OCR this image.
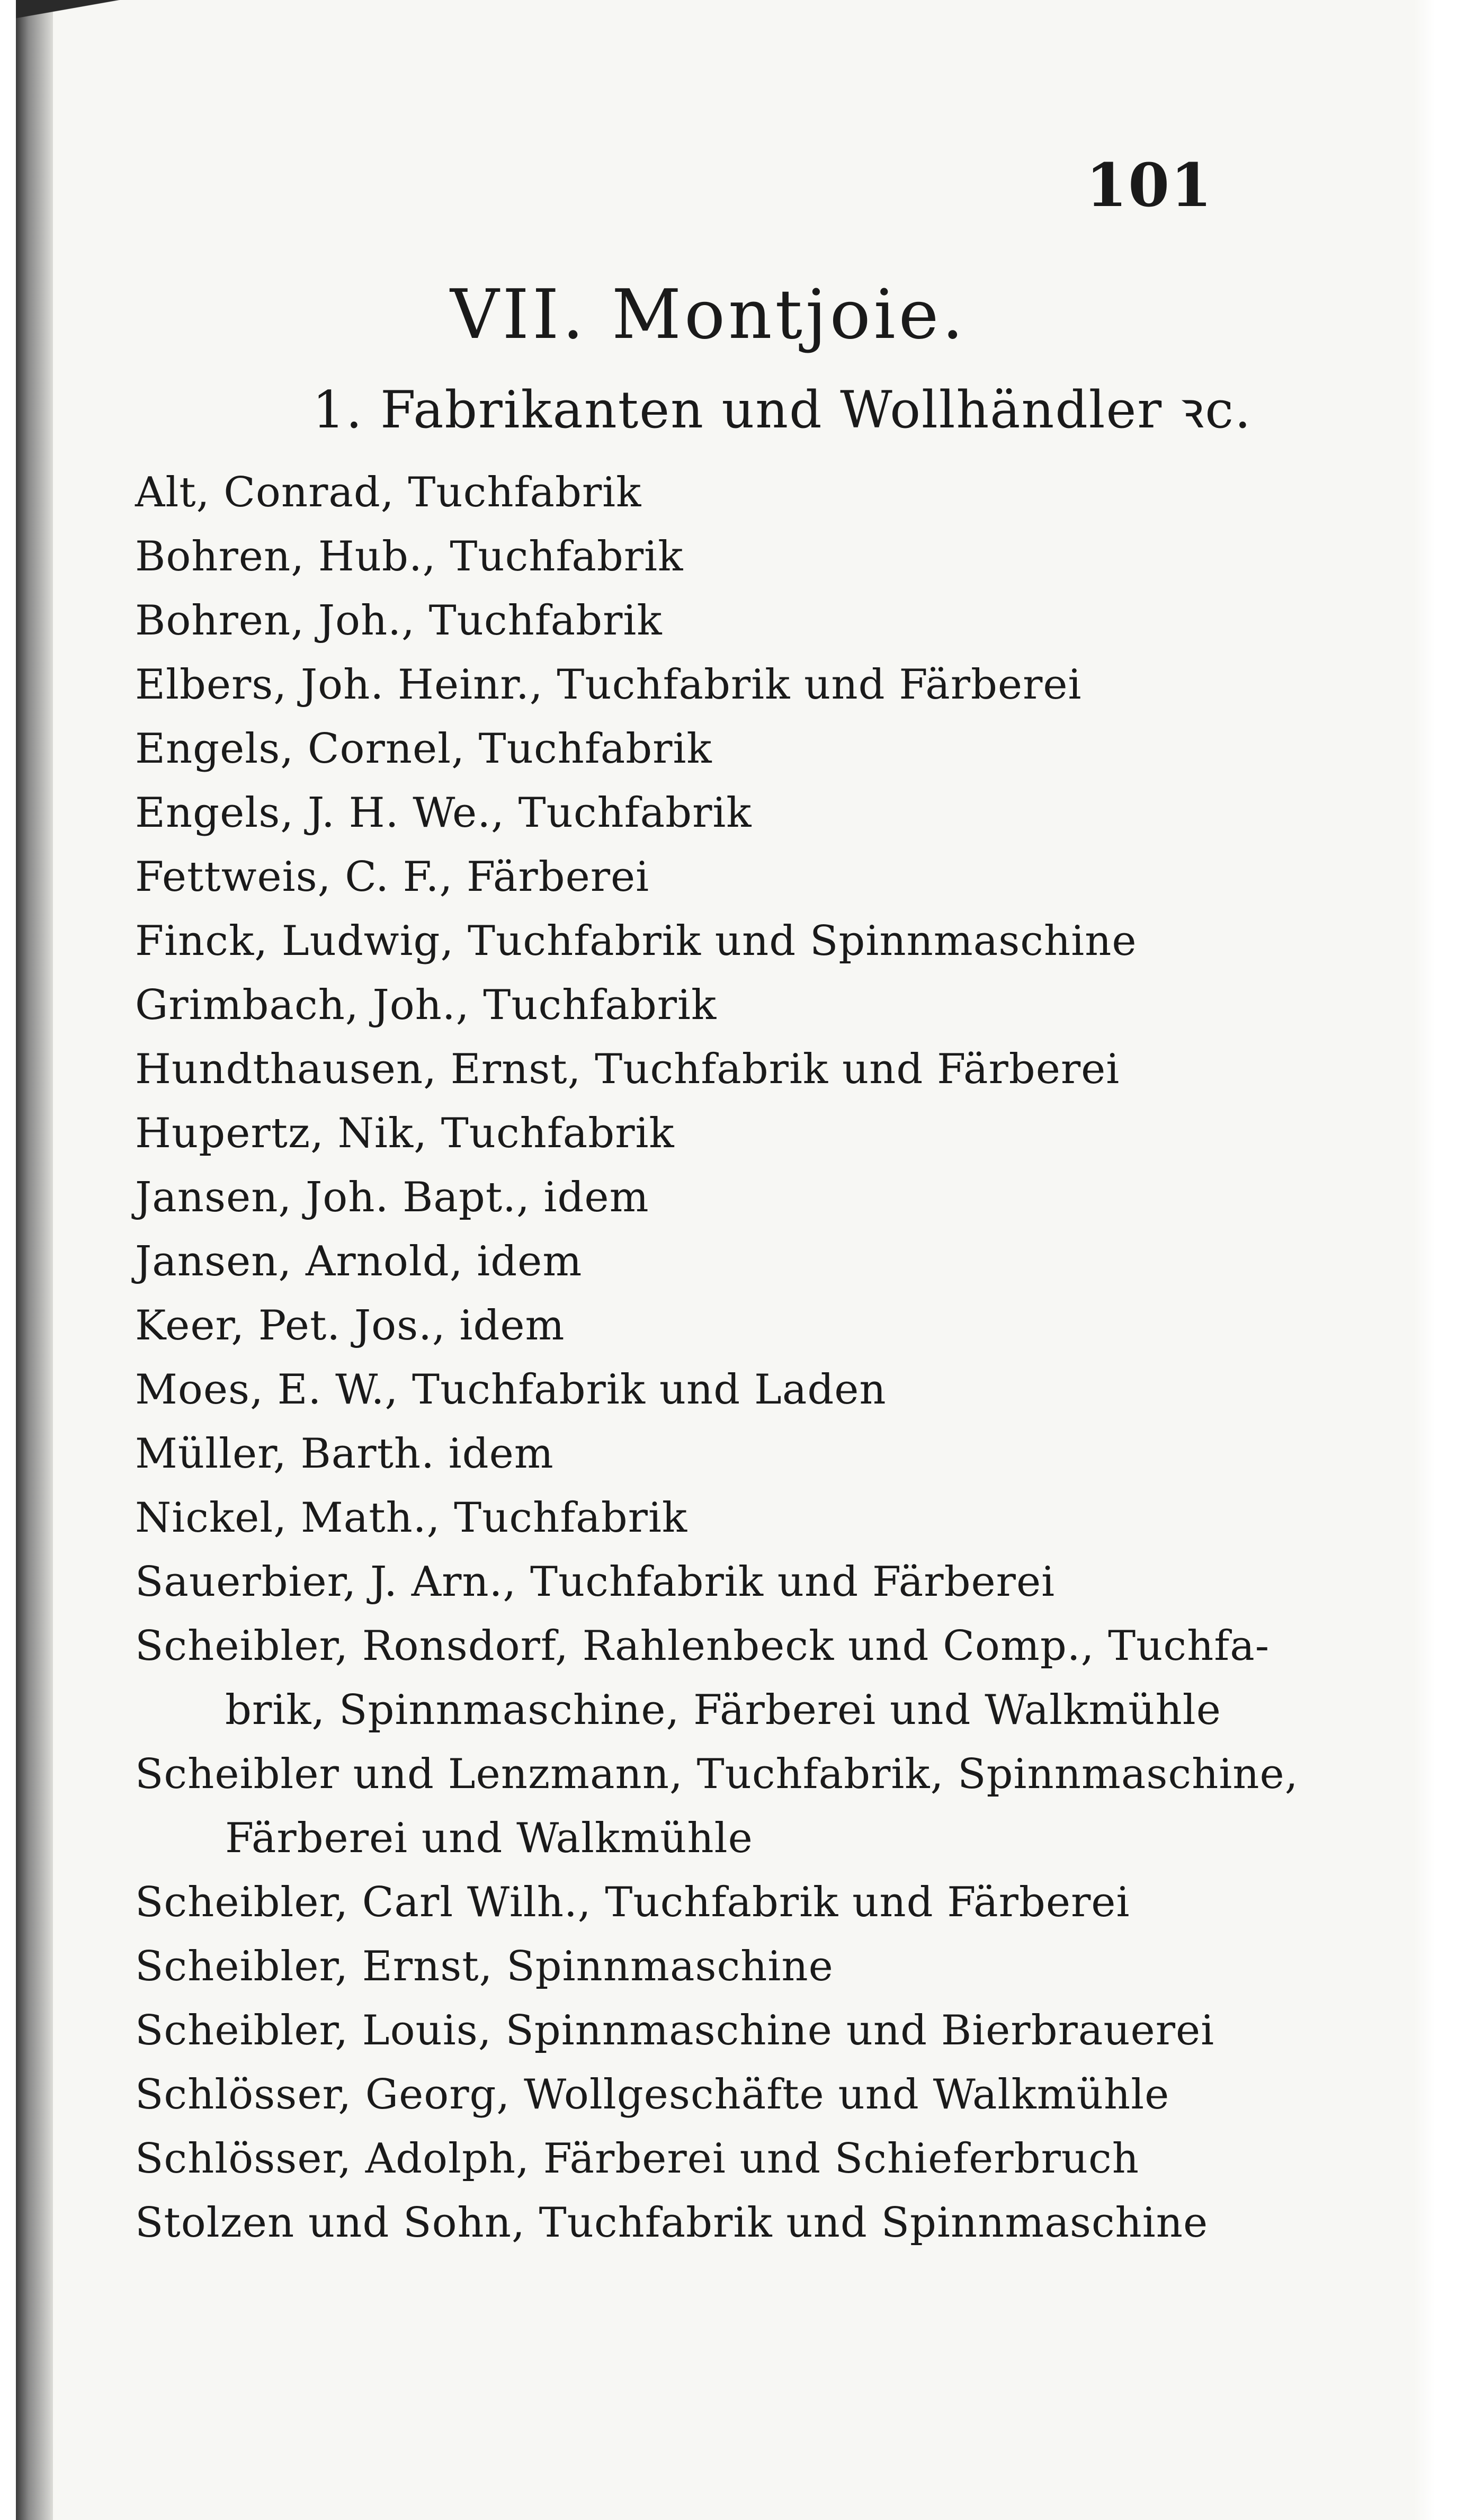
101
VII. Montjoie.
1. Fabrikanten und Wollhändler ꝛc.
Alt, Conrad, Tuchfabrik
Bohren, Hub., Tuchfabrik
Bohren, Joh., Tuchfabrik
Elbers, Joh. Heinr., Tuchfabrik und Färberei
Engels, Cornel, Tuchfabrik
Engels, J. H. We., Tuchfabrik
Fettweis, C. F., Färberei
Finck, Ludwig, Tuchfabrik und Spinnmaschine
Grimbach, Joh., Tuchfabrik
Hundthausen, Ernst, Tuchfabrik und Färberei
Hupertz, Nik, Tuchfabrik
Jansen, Joh. Bapt., idem
Jansen, Arnold, idem
Keer, Pet. Jos., idem
Moes, E. W., Tuchfabrik und Laden
Müller, Barth. idem
Nickel, Math., Tuchfabrik
Sauerbier, J. Arn., Tuchfabrik und Färberei
Scheibler, Ronsdorf, Rahlenbeck und Comp., Tuchfa-
brik, Spinnmaschine, Färberei und Walkmühle
Scheibler und Lenzmann, Tuchfabrik, Spinnmaschine,
Färberei und Walkmühle
Scheibler, Carl Wilh., Tuchfabrik und Färberei
Scheibler, Ernst, Spinnmaschine
Scheibler, Louis, Spinnmaschine und Bierbrauerei
Schlösser, Georg, Wollgeschäfte und Walkmühle
Schlösser, Adolph, Färberei und Schieferbruch
Stolzen und Sohn, Tuchfabrik und Spinnmaschine
